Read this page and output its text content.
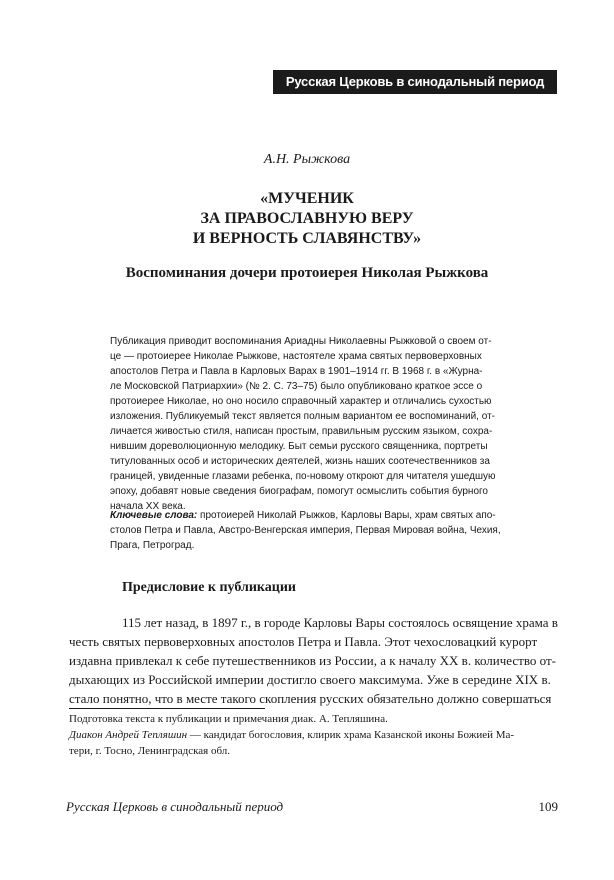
Русская Церковь в синодальный период
А.Н. Рыжкова
«МУЧЕНИК
ЗА ПРАВОСЛАВНУЮ ВЕРУ
И ВЕРНОСТЬ СЛАВЯНСТВУ»
Воспоминания дочери протоиерея Николая Рыжкова
Публикация приводит воспоминания Ариадны Николаевны Рыжковой о своем от-
це — протоиерее Николае Рыжкове, настоятеле храма святых первоверховных
апостолов Петра и Павла в Карловых Варах в 1901–1914 гг. В 1968 г. в «Журна-
ле Московской Патриархии» (№ 2. С. 73–75) было опубликовано краткое эссе о
протоиерее Николае, но оно носило справочный характер и отличались сухостью
изложения. Публикуемый текст является полным вариантом ее воспоминаний, от-
личается живостью стиля, написан простым, правильным русским языком, сохра-
нившим дореволюционную мелодику. Быт семьи русского священника, портреты
титулованных особ и исторических деятелей, жизнь наших соотечественников за
границей, увиденные глазами ребенка, по-новому откроют для читателя ушедшую
эпоху, добавят новые сведения биографам, помогут осмыслить события бурного
начала XX века.
Ключевые слова: протоиерей Николай Рыжков, Карловы Вары, храм святых апо-
столов Петра и Павла, Австро-Венгерская империя, Первая Мировая война, Чехия,
Прага, Петроград.
Предисловие к публикации
115 лет назад, в 1897 г., в городе Карловы Вары состоялось освящение храма в
честь святых первоверховных апостолов Петра и Павла. Этот чехословацкий курорт
издавна привлекал к себе путешественников из России, а к началу XX в. количество от-
дыхающих из Российской империи достигло своего максимума. Уже в середине XIX в.
стало понятно, что в месте такого скопления русских обязательно должно совершаться
Подготовка текста к публикации и примечания диак. А. Тепляшина.
Диакон Андрей Тепляшин — кандидат богословия, клирик храма Казанской иконы Божией Ма-
тери, г. Тосно, Ленинградская обл.
Русская Церковь в синодальный период	109
